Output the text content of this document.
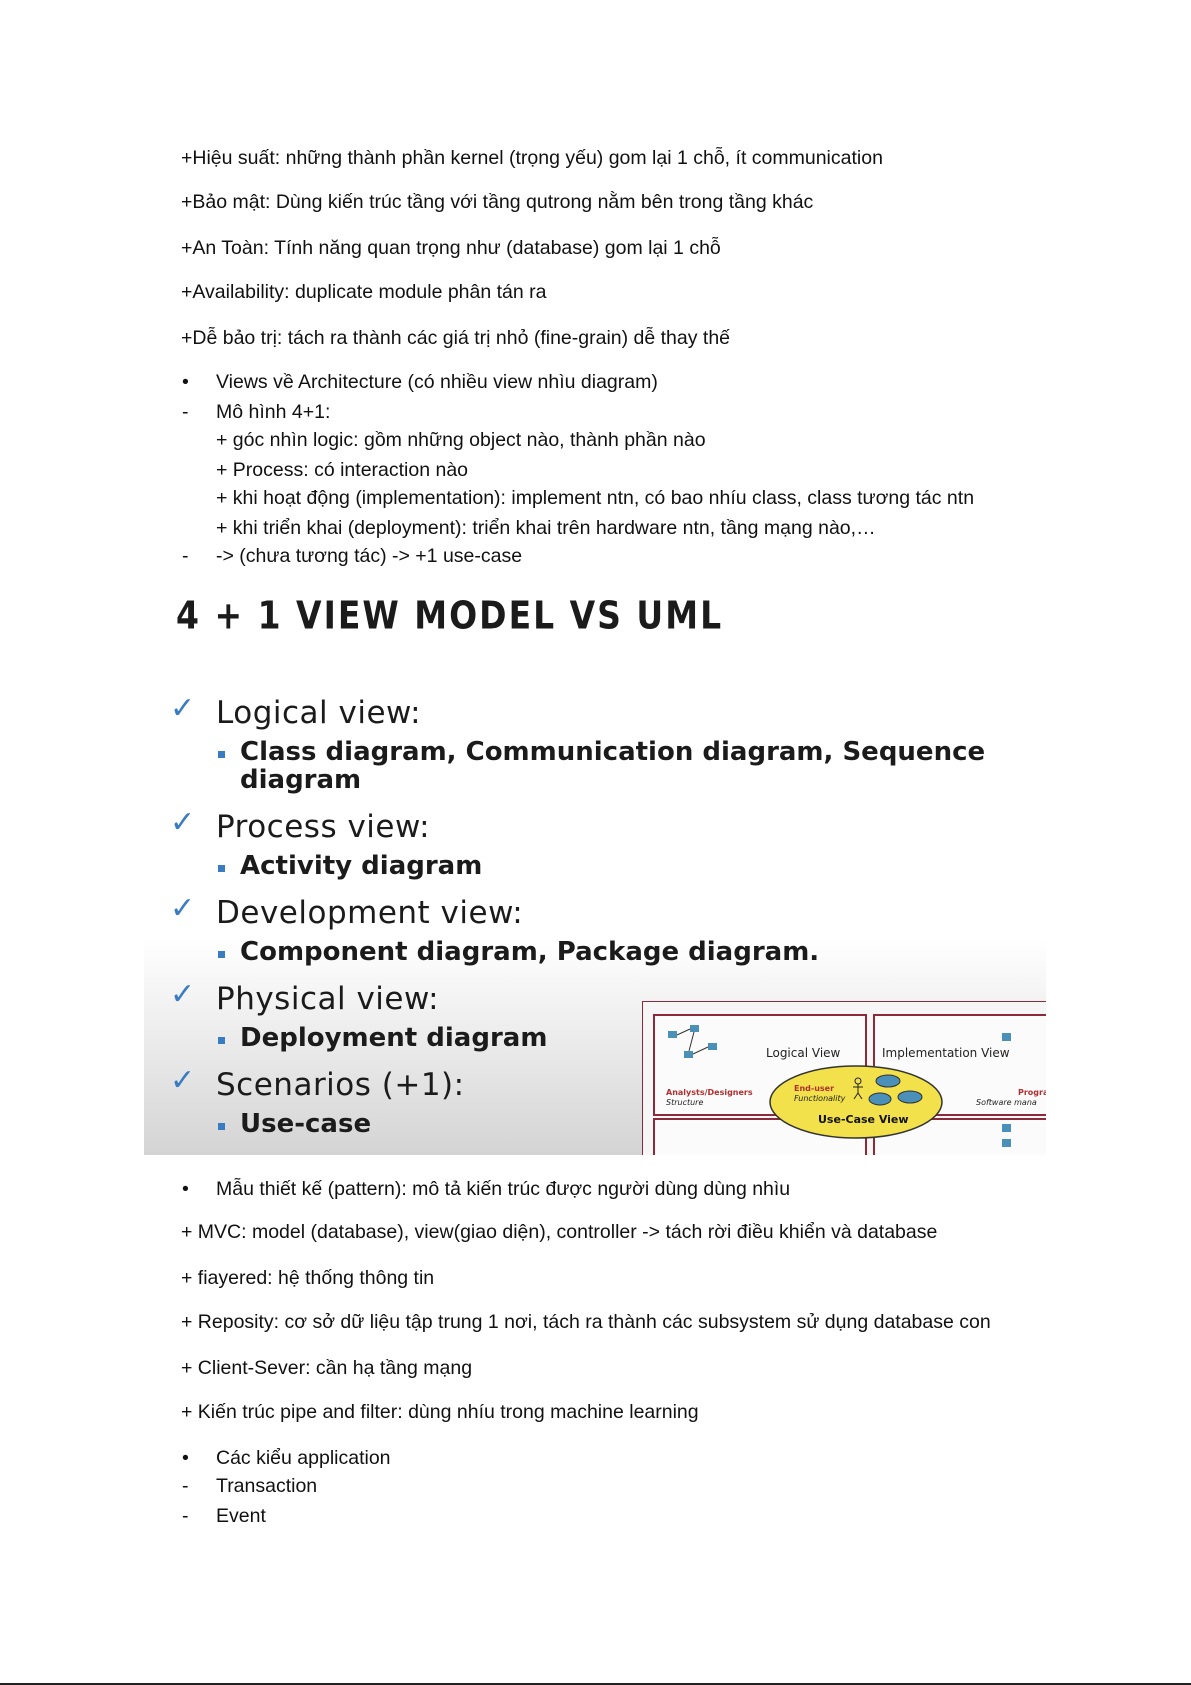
+Hiệu suất: những thành phần kernel (trọng yếu) gom lại 1 chỗ, ít communication
+Bảo mật: Dùng kiến trúc tầng với tầng qutrong nằm bên trong tầng khác
+An Toàn: Tính năng quan trọng như (database) gom lại 1 chỗ
+Availability: duplicate module phân tán ra
+Dễ bảo trị: tách ra thành các giá trị nhỏ (fine-grain) dễ thay thế
• Views về Architecture (có nhiều view nhìu diagram)
- Mô hình 4+1:
+ góc nhìn logic: gồm những object nào, thành phần nào
+ Process: có interaction nào
+ khi hoạt động (implementation): implement ntn, có bao nhíu class, class tương tác ntn
+ khi triển khai (deployment): triển khai trên hardware ntn, tầng mạng nào,…
- -> (chưa tương tác) -> +1 use-case
4 + 1 VIEW MODEL VS UML
✓ Logical view:
Class diagram, Communication diagram, Sequence
diagram
✓ Process view:
Activity diagram
✓ Development view:
Component diagram, Package diagram.
✓ Physical view:
Deployment diagram
✓ Scenarios (+1):
Use-case
Logical View	Implementation View
Analysts/Designers
Structure
Progra
Software mana
End-user
Functionality
Use-Case View
Process View	Deployment View
• Mẫu thiết kế (pattern): mô tả kiến trúc được người dùng dùng nhìu
+ MVC: model (database), view(giao diện), controller -> tách rời điều khiển và database
+ fiayered: hệ thống thông tin
+ Reposity: cơ sở dữ liệu tập trung 1 nơi, tách ra thành các subsystem sử dụng database con
+ Client-Sever: cần hạ tầng mạng
+ Kiến trúc pipe and filter: dùng nhíu trong machine learning
• Các kiểu application
- Transaction
- Event
